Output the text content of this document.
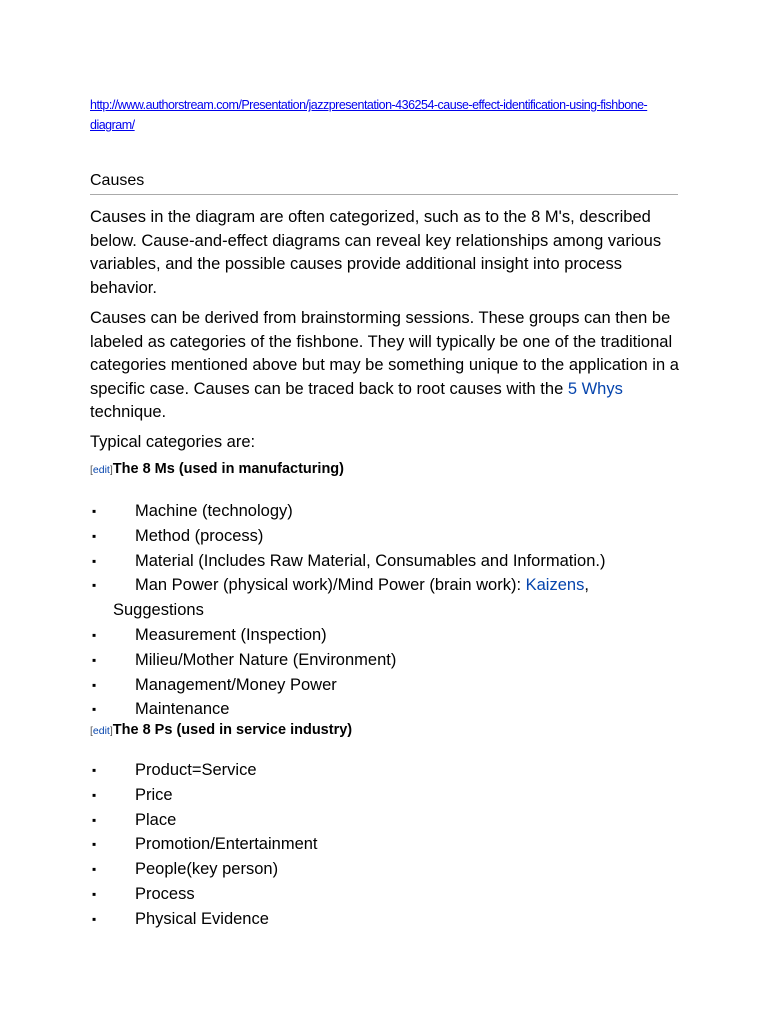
http://www.authorstream.com/Presentation/jazzpresentation-436254-cause-effect-identification-using-fishbone-diagram/
Causes

Causes in the diagram are often categorized, such as to the 8 M's, described below. Cause-and-effect diagrams can reveal key relationships among various variables, and the possible causes provide additional insight into process behavior.

Causes can be derived from brainstorming sessions. These groups can then be labeled as categories of the fishbone. They will typically be one of the traditional categories mentioned above but may be something unique to the application in a specific case. Causes can be traced back to root causes with the 5 Whys technique.

Typical categories are:

[edit]The 8 Ms (used in manufacturing)
▪ Machine (technology)
▪ Method (process)
▪ Material (Includes Raw Material, Consumables and Information.)
▪ Man Power (physical work)/Mind Power (brain work): Kaizens,
Suggestions
▪ Measurement (Inspection)
▪ Milieu/Mother Nature (Environment)
▪ Management/Money Power
▪ Maintenance
[edit]The 8 Ps (used in service industry)
▪ Product=Service
▪ Price
▪ Place
▪ Promotion/Entertainment
▪ People(key person)
▪ Process
▪ Physical Evidence
